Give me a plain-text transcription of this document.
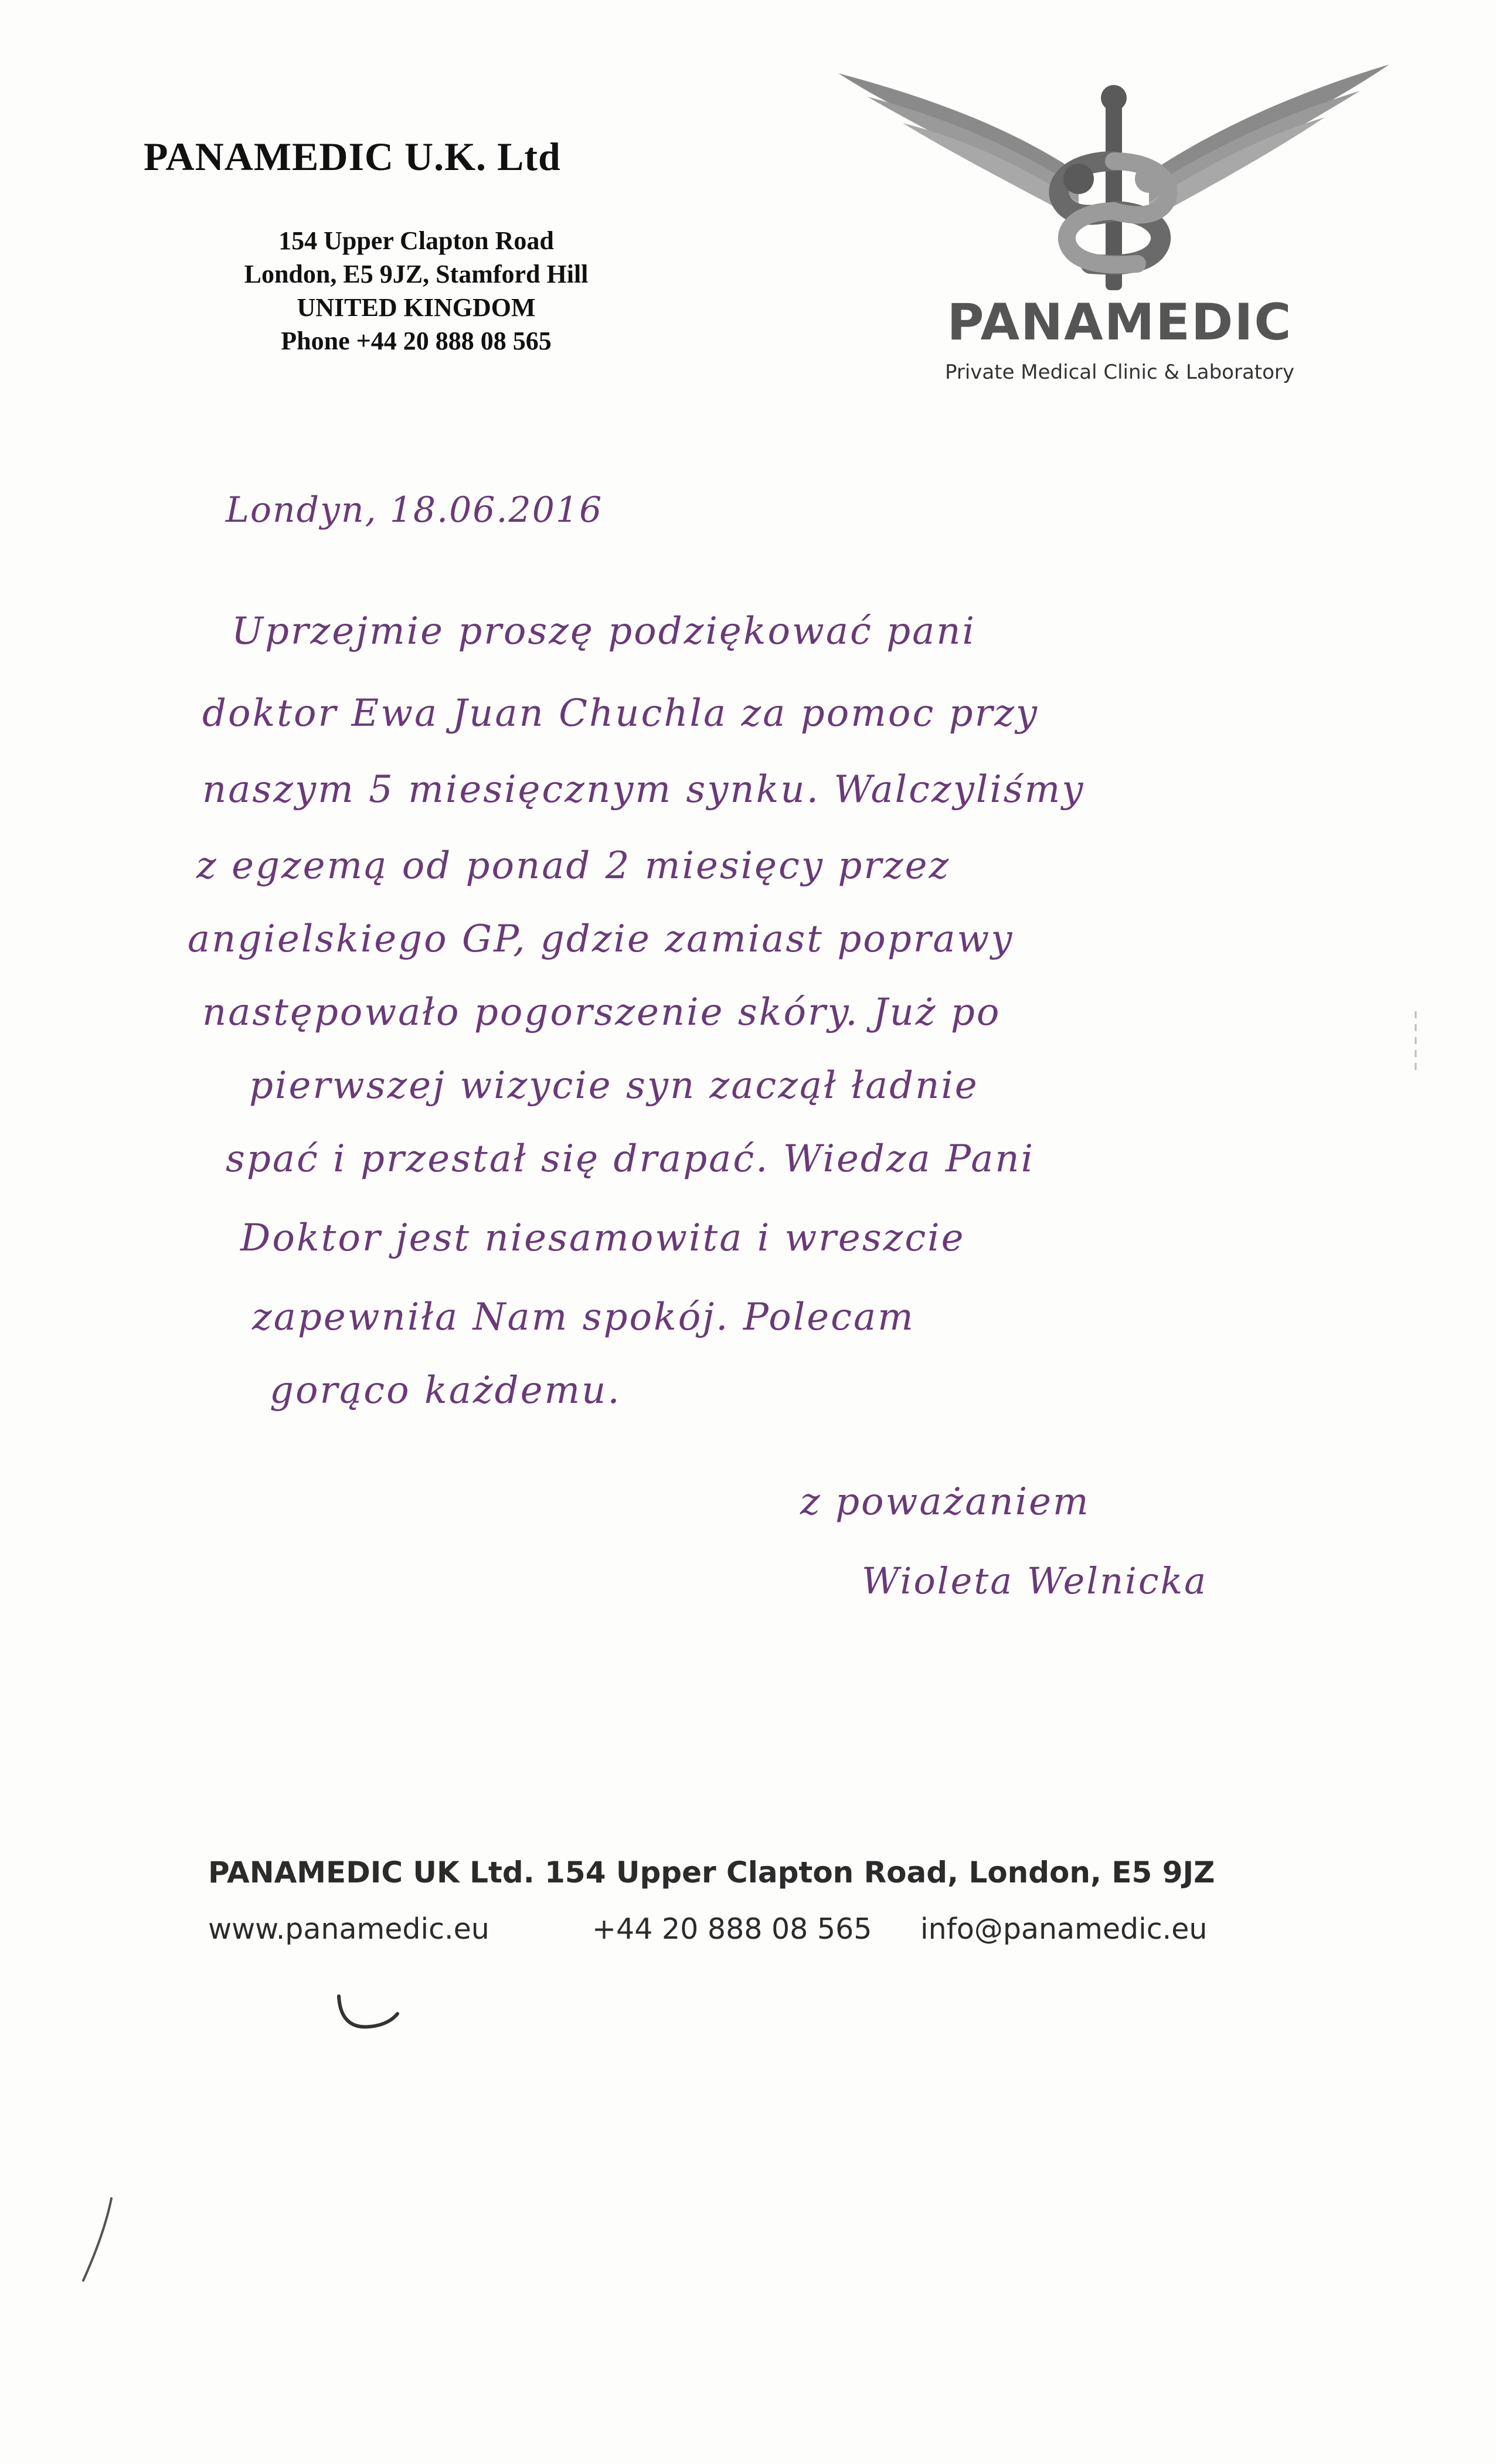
PANAMEDIC U.K. Ltd
154 Upper Clapton Road
London, E5 9JZ, Stamford Hill
UNITED KINGDOM
Phone +44 20 888 08 565	PANAMEDIC
Private Medical Clinic & Laboratory
Londyn, 18.06.2016
Uprzejmie proszę podziękować pani
doktor Ewa Juan Chuchla za pomoc przy
naszym 5 miesięcznym synku. Walczyliśmy
z egzemą od ponad 2 miesięcy przez
angielskiego GP, gdzie zamiast poprawy
następowało pogorszenie skóry. Już po
pierwszej wizycie syn zaczął ładnie
spać i przestał się drapać. Wiedza Pani
Doktor jest niesamowita i wreszcie
zapewniła Nam spokój. Polecam
gorąco każdemu.
z poważaniem
Wioleta Welnicka
PANAMEDIC UK Ltd. 154 Upper Clapton Road, London, E5 9JZ
www.panamedic.eu	+44 20 888 08 565 info@panamedic.eu
